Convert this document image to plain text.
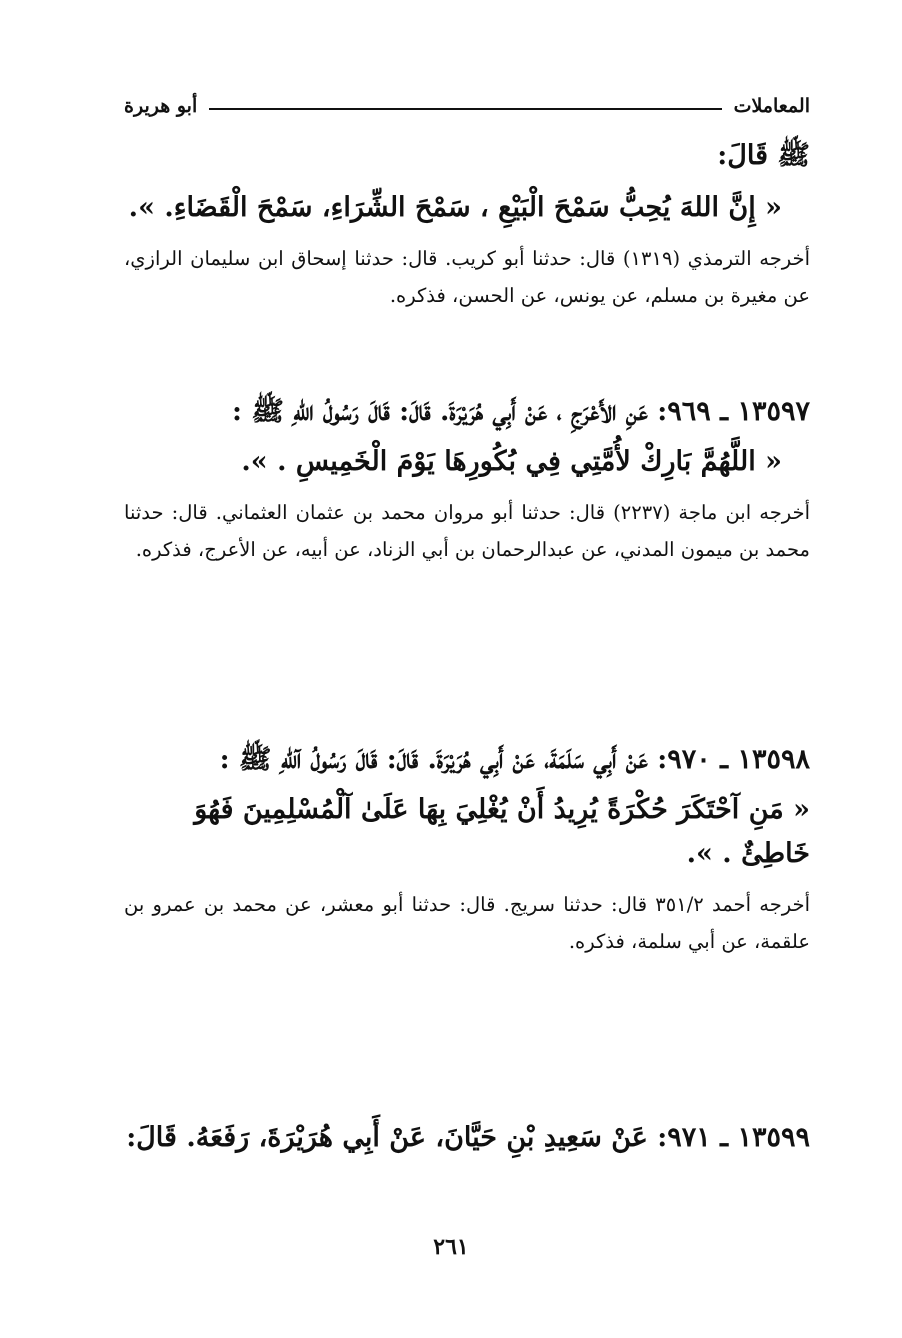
المعاملات
أبو هريرة

ﷺ قَالَ:

« إِنَّ اللهَ يُحِبُّ سَمْحَ الْبَيْعِ ، سَمْحَ الشِّرَاءِ، سَمْحَ الْقَضَاءِ. ».

أخرجه الترمذي (١٣١٩) قال: حدثنا أبو كريب. قال: حدثنا إسحاق ابن سليمان الرازي، عن مغيرة بن مسلم، عن يونس، عن الحسن، فذكره.

١٣٥٩٧ ـ ٩٦٩: عَنِ الأَعْرَجِ ، عَنْ أَبِي هُرَيْرَةَ. قَالَ: قَالَ رَسُولُ اللهِ ﷺ :

« اللَّهُمَّ بَارِكْ لأُمَّتِي فِي بُكُورِهَا يَوْمَ الْخَمِيسِ . ».

أخرجه ابن ماجة (٢٢٣٧) قال: حدثنا أبو مروان محمد بن عثمان العثماني. قال: حدثنا محمد بن ميمون المدني، عن عبدالرحمان بن أبي الزناد، عن أبيه، عن الأعرج، فذكره.

١٣٥٩٨ ـ ٩٧٠: عَنْ أَبِي سَلَمَةَ، عَنْ أَبِي هُرَيْرَةَ. قَالَ: قَالَ رَسُولُ آللهِ ﷺ :

« مَنِ آحْتَكَرَ حُكْرَةً يُرِيدُ أَنْ يُغْلِيَ بِهَا عَلَىٰ آلْمُسْلِمِينَ فَهُوَ خَاطِئٌ . ».

أخرجه أحمد ٣٥١/٢ قال: حدثنا سريج. قال: حدثنا أبو معشر، عن محمد بن عمرو بن علقمة، عن أبي سلمة، فذكره.

١٣٥٩٩ ـ ٩٧١: عَنْ سَعِيدِ بْنِ حَيَّانَ، عَنْ أَبِي هُرَيْرَةَ، رَفَعَهُ. قَالَ:

٢٦١
